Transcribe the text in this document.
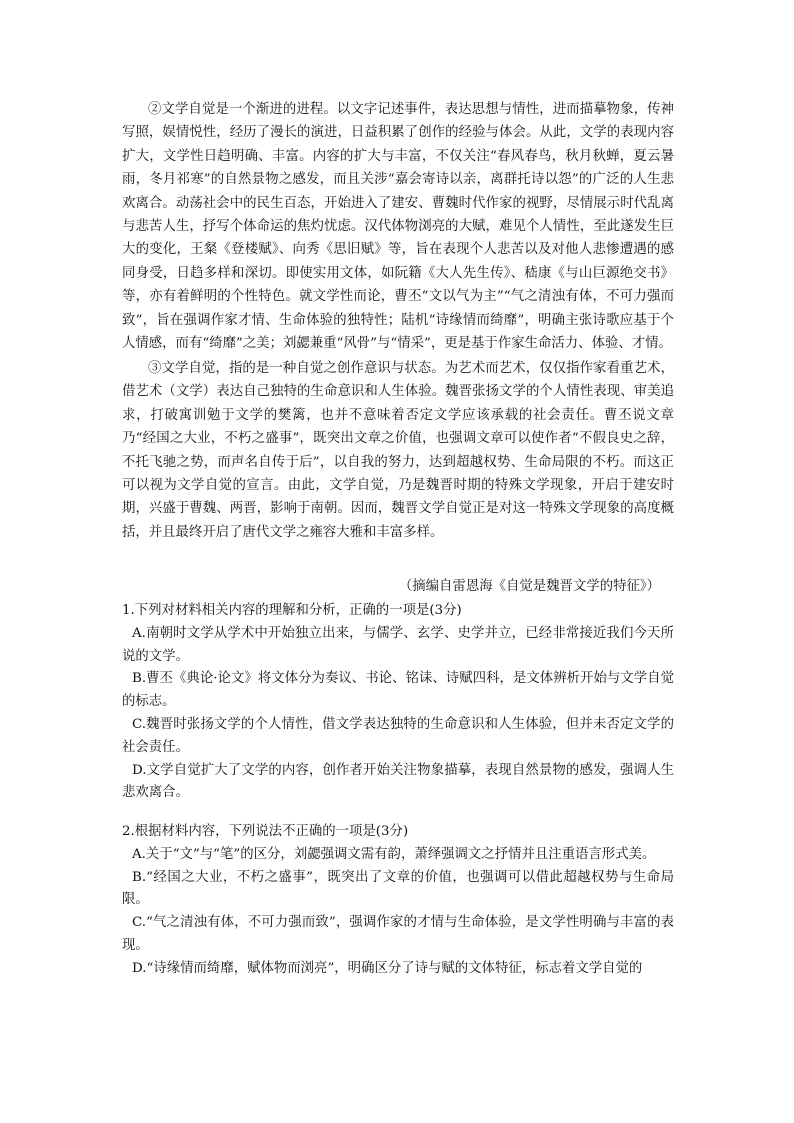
②文学自觉是一个渐进的进程。以文字记述事件，表达思想与情性，进而描摹物象，传神写照，娱情悦性，经历了漫长的演进，日益积累了创作的经验与体会。从此，文学的表现内容扩大，文学性日趋明确、丰富。内容的扩大与丰富，不仅关注“春风春鸟，秋月秋蝉，夏云暑雨，冬月祁寒”的自然景物之感发，而且关涉“嘉会寄诗以亲，离群托诗以怨”的广泛的人生悲欢离合。动荡社会中的民生百态，开始进入了建安、曹魏时代作家的视野，尽情展示时代乱离与悲苦人生，抒写个体命运的焦灼忧虑。汉代体物浏亮的大赋，难见个人情性，至此遂发生巨大的变化，王粲《登楼赋》、向秀《思旧赋》等，旨在表现个人悲苦以及对他人悲惨遭遇的感同身受，日趋多样和深切。即使实用文体，如阮籍《大人先生传》、嵇康《与山巨源绝交书》等，亦有着鲜明的个性特色。就文学性而论，曹丕“文以气为主”“气之清浊有体，不可力强而致”，旨在强调作家才情、生命体验的独特性；陆机“诗缘情而绮靡”，明确主张诗歌应基于个人情感，而有“绮靡”之美；刘勰兼重“风骨”与“情采”，更是基于作家生命活力、体验、才情。

③文学自觉，指的是一种自觉之创作意识与状态。为艺术而艺术，仅仅指作家看重艺术，借艺术（文学）表达自己独特的生命意识和人生体验。魏晋张扬文学的个人情性表现、审美追求，打破寓训勉于文学的樊篱，也并不意味着否定文学应该承载的社会责任。曹丕说文章乃“经国之大业，不朽之盛事”，既突出文章之价值，也强调文章可以使作者“不假良史之辞，不托飞驰之势，而声名自传于后”，以自我的努力，达到超越权势、生命局限的不朽。而这正可以视为文学自觉的宣言。由此，文学自觉，乃是魏晋时期的特殊文学现象，开启于建安时期，兴盛于曹魏、两晋，影响于南朝。因而，魏晋文学自觉正是对这一特殊文学现象的高度概括，并且最终开启了唐代文学之雍容大雅和丰富多样。

（摘编自雷恩海《自觉是魏晋文学的特征》）

1.下列对材料相关内容的理解和分析，正确的一项是(3分)
A.南朝时文学从学术中开始独立出来，与儒学、玄学、史学并立，已经非常接近我们今天所说的文学。
B.曹丕《典论·论文》将文体分为奏议、书论、铭诔、诗赋四科，是文体辨析开始与文学自觉的标志。
C.魏晋时张扬文学的个人情性，借文学表达独特的生命意识和人生体验，但并未否定文学的社会责任。
D.文学自觉扩大了文学的内容，创作者开始关注物象描摹，表现自然景物的感发，强调人生悲欢离合。
2.根据材料内容，下列说法不正确的一项是(3分)
A.关于“文”与“笔”的区分，刘勰强调文需有韵，萧绎强调文之抒情并且注重语言形式美。
B.“经国之大业，不朽之盛事”，既突出了文章的价值，也强调可以借此超越权势与生命局限。
C.“气之清浊有体，不可力强而致”，强调作家的才情与生命体验，是文学性明确与丰富的表现。
D.“诗缘情而绮靡，赋体物而浏亮”，明确区分了诗与赋的文体特征，标志着文学自觉的
